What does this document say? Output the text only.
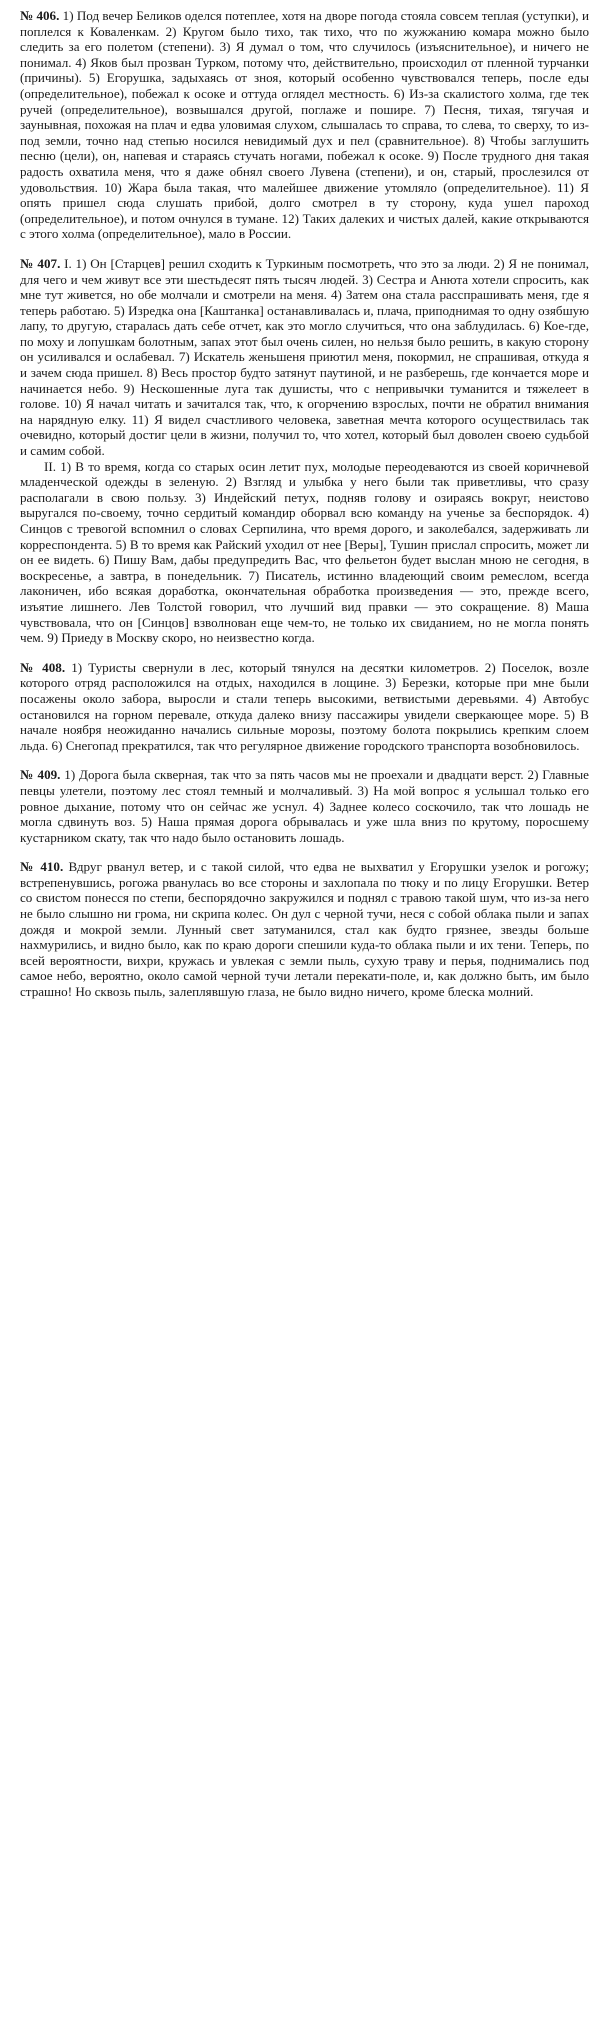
№ 406. 1) Под вечер Беликов оделся потеплее, хотя на дворе погода стояла совсем теплая (уступки), и поплелся к Коваленкам. 2) Кругом было тихо, так тихо, что по жужжанию комара можно было следить за его полетом (степени). 3) Я думал о том, что случилось (изъяснительное), и ничего не понимал. 4) Яков был прозван Турком, потому что, действительно, происходил от пленной турчанки (причины). 5) Егорушка, задыхаясь от зноя, который особенно чувствовался теперь, после еды (определительное), побежал к осоке и оттуда оглядел местность. 6) Из-за скалистого холма, где тек ручей (определительное), возвышался другой, поглаже и пошире. 7) Песня, тихая, тягучая и заунывная, похожая на плач и едва уловимая слухом, слышалась то справа, то слева, то сверху, то из-под земли, точно над степью носился невидимый дух и пел (сравнительное). 8) Чтобы заглушить песню (цели), он, напевая и стараясь стучать ногами, побежал к осоке. 9) После трудного дня такая радость охватила меня, что я даже обнял своего Лувена (степени), и он, старый, прослезился от удовольствия. 10) Жара была такая, что малейшее движение утомляло (определительное). 11) Я опять пришел сюда слушать прибой, долго смотрел в ту сторону, куда ушел пароход (определительное), и потом очнулся в тумане. 12) Таких далеких и чистых далей, какие открываются с этого холма (определительное), мало в России.

№ 407. I. 1) Он [Старцев] решил сходить к Туркиным посмотреть, что это за люди. 2) Я не понимал, для чего и чем живут все эти шестьдесят пять тысяч людей. 3) Сестра и Анюта хотели спросить, как мне тут живется, но обе молчали и смотрели на меня. 4) Затем она стала расспрашивать меня, где я теперь работаю. 5) Изредка она [Каштанка] останавливалась и, плача, приподнимая то одну озябшую лапу, то другую, старалась дать себе отчет, как это могло случиться, что она заблудилась. 6) Кое-где, по моху и лопушкам болотным, запах этот был очень силен, но нельзя было решить, в какую сторону он усиливался и ослабевал. 7) Искатель женьшеня приютил меня, покормил, не спрашивая, откуда я и зачем сюда пришел. 8) Весь простор будто затянут паутиной, и не разберешь, где кончается море и начинается небо. 9) Нескошенные луга так душисты, что с непривычки туманится и тяжелеет в голове. 10) Я начал читать и зачитался так, что, к огорчению взрослых, почти не обратил внимания на нарядную елку. 11) Я видел счастливого человека, заветная мечта которого осуществилась так очевидно, который достиг цели в жизни, получил то, что хотел, который был доволен своею судьбой и самим собой.

II. 1) В то время, когда со старых осин летит пух, молодые переодеваются из своей коричневой младенческой одежды в зеленую. 2) Взгляд и улыбка у него были так приветливы, что сразу располагали в свою пользу. 3) Индейский петух, подняв голову и озираясь вокруг, неистово выругался по-своему, точно сердитый командир оборвал всю команду на ученье за беспорядок. 4) Синцов с тревогой вспомнил о словах Серпилина, что время дорого, и заколебался, задерживать ли корреспондента. 5) В то время как Райский уходил от нее [Веры], Тушин прислал спросить, может ли он ее видеть. 6) Пишу Вам, дабы предупредить Вас, что фельетон будет выслан мною не сегодня, в воскресенье, а завтра, в понедельник. 7) Писатель, истинно владеющий своим ремеслом, всегда лаконичен, ибо всякая доработка, окончательная обработка произведения — это, прежде всего, изъятие лишнего. Лев Толстой говорил, что лучший вид правки — это сокращение. 8) Маша чувствовала, что он [Синцов] взволнован еще чем-то, не только их свиданием, но не могла понять чем. 9) Приеду в Москву скоро, но неизвестно когда.

№ 408. 1) Туристы свернули в лес, который тянулся на десятки километров. 2) Поселок, возле которого отряд расположился на отдых, находился в лощине. 3) Березки, которые при мне были посажены около забора, выросли и стали теперь высокими, ветвистыми деревьями. 4) Автобус остановился на горном перевале, откуда далеко внизу пассажиры увидели сверкающее море. 5) В начале ноября неожиданно начались сильные морозы, поэтому болота покрылись крепким слоем льда. 6) Снегопад прекратился, так что регулярное движение городского транспорта возобновилось.

№ 409. 1) Дорога была скверная, так что за пять часов мы не проехали и двадцати верст. 2) Главные певцы улетели, поэтому лес стоял темный и молчаливый. 3) На мой вопрос я услышал только его ровное дыхание, потому что он сейчас же уснул. 4) Заднее колесо соскочило, так что лошадь не могла сдвинуть воз. 5) Наша прямая дорога обрывалась и уже шла вниз по крутому, поросшему кустарником скату, так что надо было остановить лошадь.

№ 410. Вдруг рванул ветер, и с такой силой, что едва не выхватил у Егорушки узелок и рогожу; встрепенувшись, рогожа рванулась во все стороны и захлопала по тюку и по лицу Егорушки. Ветер со свистом понесся по степи, беспорядочно закружился и поднял с травою такой шум, что из-за него не было слышно ни грома, ни скрипа колес. Он дул с черной тучи, неся с собой облака пыли и запах дождя и мокрой земли. Лунный свет затуманился, стал как будто грязнее, звезды больше нахмурились, и видно было, как по краю дороги спешили куда-то облака пыли и их тени. Теперь, по всей вероятности, вихри, кружась и увлекая с земли пыль, сухую траву и перья, поднимались под самое небо, вероятно, около самой черной тучи летали перекати-поле, и, как должно быть, им было страшно! Но сквозь пыль, залеплявшую глаза, не было видно ничего, кроме блеска молний.
